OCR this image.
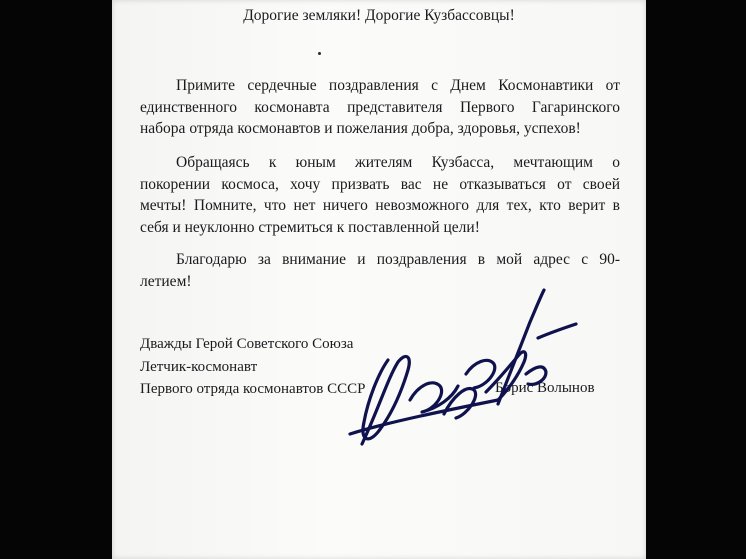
Дорогие земляки! Дорогие Кузбассовцы!

Примите сердечные поздравления с Днем Космонавтики от
единственного космонавта представителя Первого Гагаринского
набора отряда космонавтов и пожелания добра, здоровья, успехов!

Обращаясь к юным жителям Кузбасса, мечтающим о
покорении космоса, хочу призвать вас не отказываться от своей
мечты! Помните, что нет ничего невозможного для тех, кто верит в
себя и неуклонно стремиться к поставленной цели!

Благодарю за внимание и поздравления в мой адрес с 90-
летием!

Дважды Герой Советского Союза
Летчик-космонавт
Первого отряда космонавтов СССР	Борис Волынов
